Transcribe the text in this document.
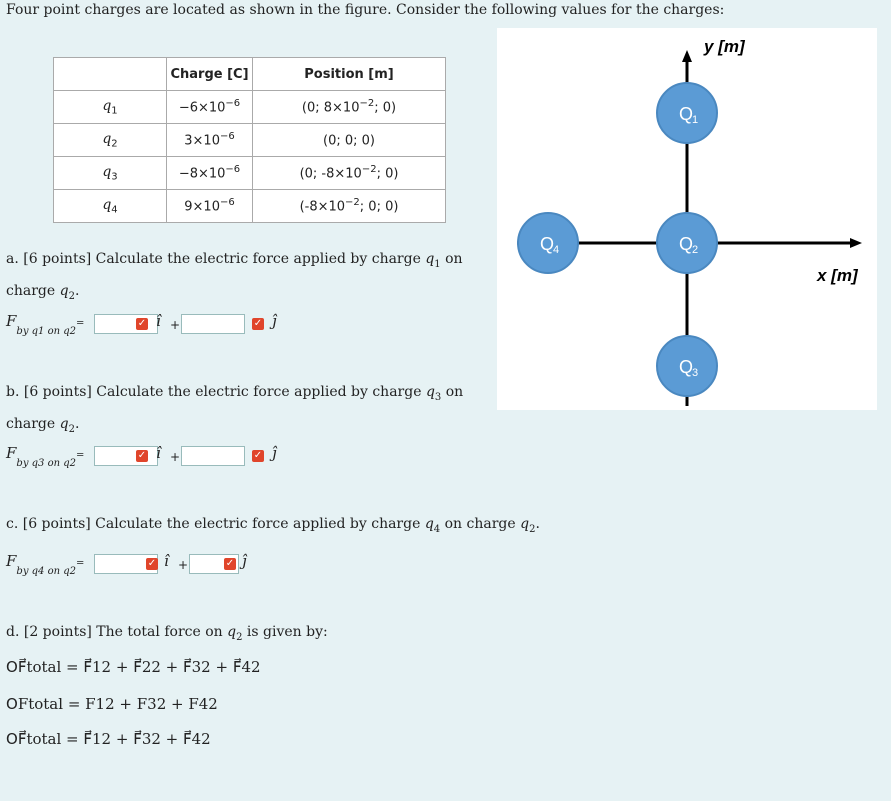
Four point charges are located as shown in the figure. Consider the following values for the charges:
	Charge [C]	Position [m]
$q_1$	$-6\times 10^{-6}$	(0; $8\times 10^{-2}$; 0)
$q_2$	$3\times 10^{-6}$	(0; 0; 0)
$q_3$	$-8\times 10^{-6}$	(0; $-8\times 10^{-2}$; 0)
$q_4$	$9\times 10^{-6}$	($-8\times 10^{-2}$; 0; 0)
y [m]
x [m]
Q
1
Q
2
Q
3
Q
4
a. [6 points] Calculate the electric force applied by charge $q_1$ on charge $q_2$.
$F_{by q1 on q2}=$	✓ î +	✓ ĵ
b. [6 points] Calculate the electric force applied by charge $q_3$ on charge $q_2$.
$F_{by q3 on q2}=$	✓ î +	✓ ĵ
c. [6 points] Calculate the electric force applied by charge $q_4$ on charge $q_2$.
$F_{by q4 on q2}=$	✓ î +	✓ ĵ
d. [2 points] The total force on $q_2$ is given by:
OF⃗total = F⃗12 + F⃗22 + F⃗32 + F⃗42
OFtotal = F12 + F32 + F42
OF⃗total = F⃗12 + F⃗32 + F⃗42
